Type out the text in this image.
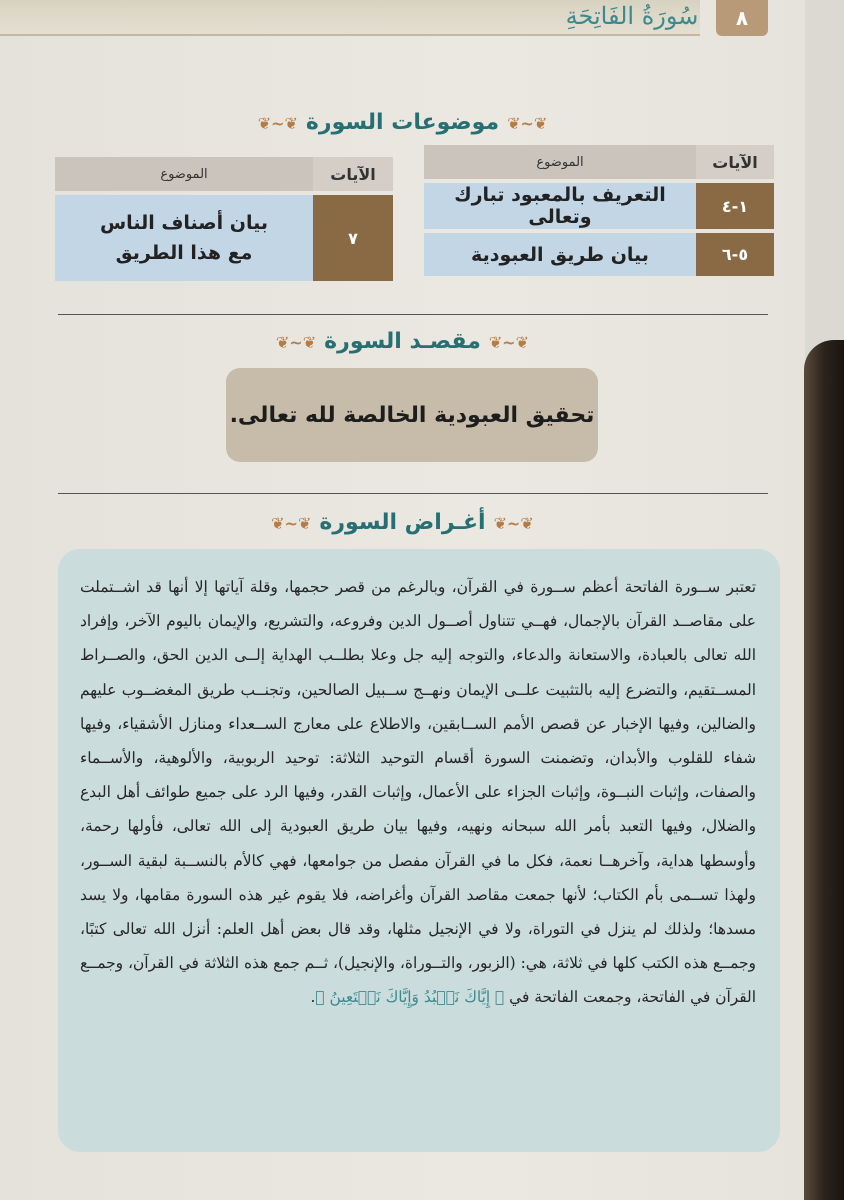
سُورَةُ الفَاتِحَةِ	٨
❦∽❦موضوعات السورة❦∽❦
الآيات	الموضوع
١-٤	التعريف بالمعبود تبارك وتعالى
٥-٦	بيان طريق العبودية
الآيات	الموضوع
٧	بيان أصناف الناس
مع هذا الطريق
❦∽❦مقصـد السورة❦∽❦
تحقيق العبودية الخالصة لله تعالى.
❦∽❦أغـراض السورة❦∽❦

تعتبر ســورة الفاتحة أعظم ســورة في القرآن، وبالرغم من قصر حجمها، وقلة آياتها إلا أنها قد اشــتملت على مقاصــد القرآن بالإجمال، فهــي تتناول أصــول الدين وفروعه، والتشريع، والإيمان باليوم الآخر، وإفراد الله تعالى بالعبادة، والاستعانة والدعاء، والتوجه إليه جل وعلا بطلــب الهداية إلــى الدين الحق، والصــراط المســتقيم، والتضرع إليه بالتثبيت علــى الإيمان ونهــج ســبيل الصالحين، وتجنــب طريق المغضــوب عليهم والضالين، وفيها الإخبار عن قصص الأمم الســابقين، والاطلاع على معارج الســعداء ومنازل الأشقياء، وفيها شفاء للقلوب والأبدان، وتضمنت السورة أقسام التوحيد الثلاثة: توحيد الربوبية، والألوهية، والأســماء والصفات، وإثبات النبــوة، وإثبات الجزاء على الأعمال، وإثبات القدر، وفيها الرد على جميع طوائف أهل البدع والضلال، وفيها التعبد بأمر الله سبحانه ونهيه، وفيها بيان طريق العبودية إلى الله تعالى، فأولها رحمة، وأوسطها هداية، وآخرهــا نعمة، فكل ما في القرآن مفصل من جوامعها، فهي كالأم بالنســبة لبقية الســور، ولهذا تســمى بأم الكتاب؛ لأنها جمعت مقاصد القرآن وأغراضه، فلا يقوم غير هذه السورة مقامها، ولا يسد مسدها؛ ولذلك لم ينزل في التوراة، ولا في الإنجيل مثلها، وقد قال بعض أهل العلم: أنزل الله تعالى كتبًا، وجمــع هذه الكتب كلها في ثلاثة، هي: (الزبور، والتــوراة، والإنجيل)، ثــم جمع هذه الثلاثة في القرآن، وجمــع القرآن في الفاتحة، وجمعت الفاتحة في ﴿ إِيَّاكَ نَعۡبُدُ وَإِيَّاكَ نَسۡتَعِينُ ﴾.
